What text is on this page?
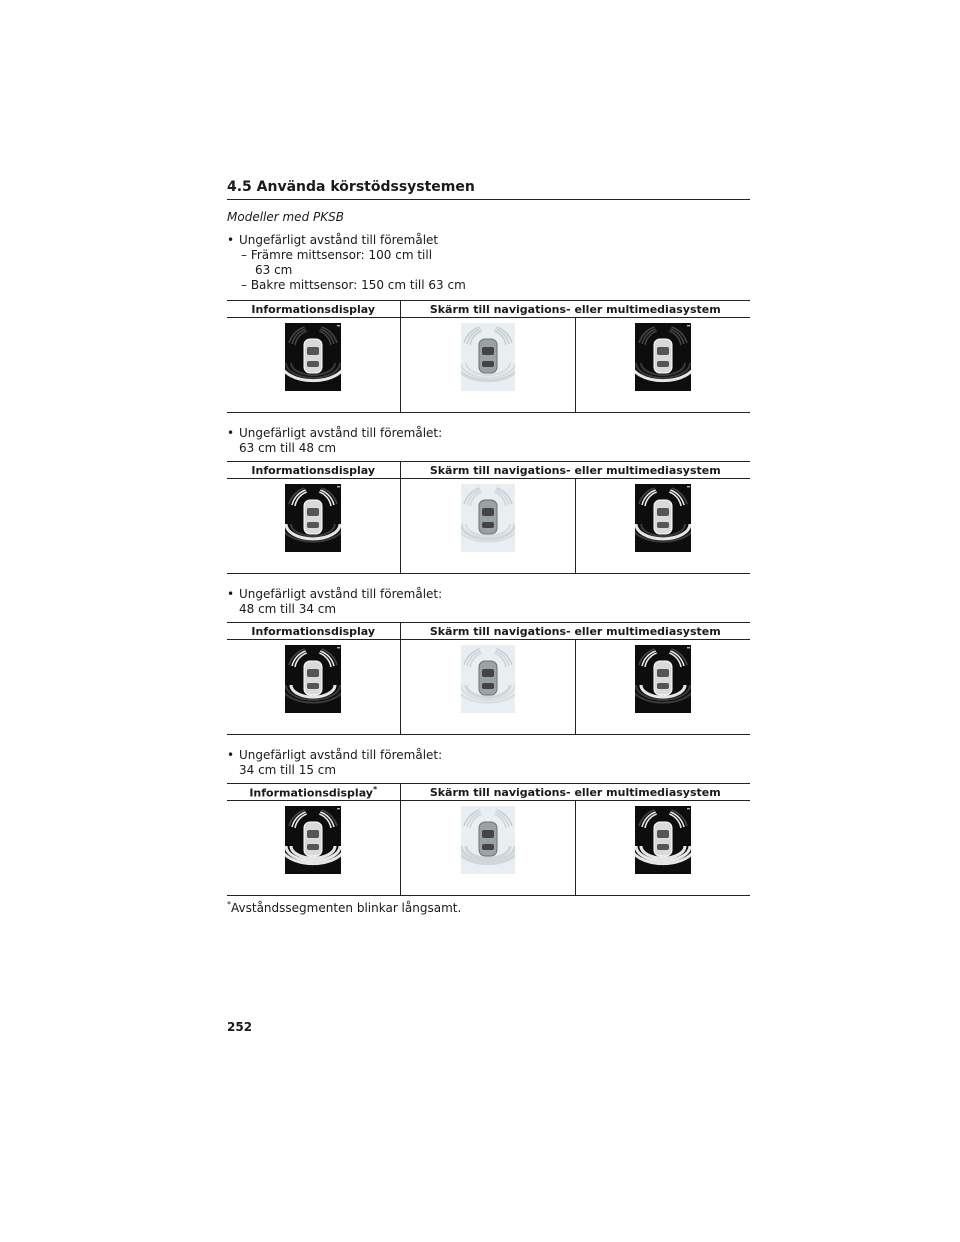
4.5 Använda körstödssystemen
Modeller med PKSB
• Ungefärligt avstånd till föremålet
– Främre mittsensor: 100 cm till
63 cm
– Bakre mittsensor: 150 cm till 63 cm
Informationsdisplay	Skärm till navigations- eller multimediasystem	

• Ungefärligt avstånd till föremålet:
63 cm till 48 cm
Informationsdisplay	Skärm till navigations- eller multimediasystem	

• Ungefärligt avstånd till föremålet:
48 cm till 34 cm
Informationsdisplay	Skärm till navigations- eller multimediasystem	

• Ungefärligt avstånd till föremålet:
34 cm till 15 cm
Informationsdisplay*	Skärm till navigations- eller multimediasystem	

*Avståndssegmenten blinkar långsamt.
252
